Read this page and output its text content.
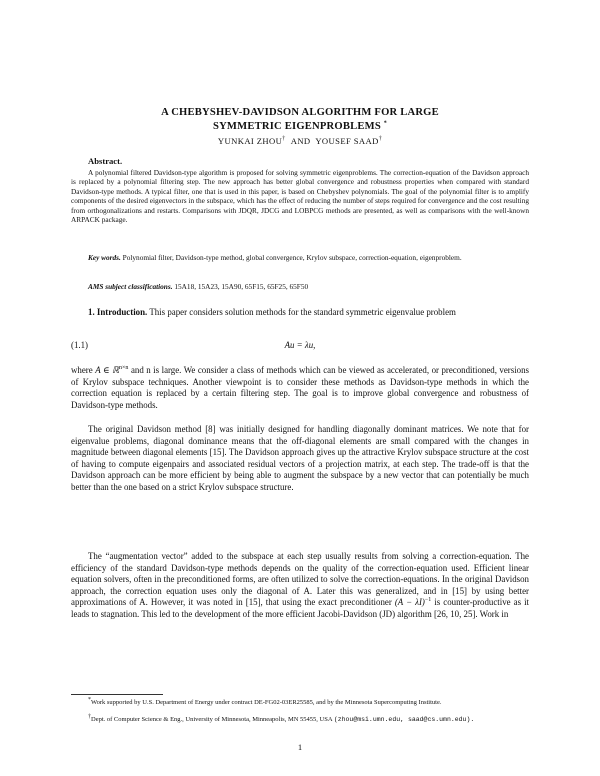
A CHEBYSHEV-DAVIDSON ALGORITHM FOR LARGE
SYMMETRIC EIGENPROBLEMS *
YUNKAI ZHOU† AND YOUSEF SAAD†
Abstract.
A polynomial filtered Davidson-type algorithm is proposed for solving symmetric eigenproblems. The correction-equation of the Davidson approach is replaced by a polynomial filtering step. The new approach has better global convergence and robustness properties when compared with standard Davidson-type methods. A typical filter, one that is used in this paper, is based on Chebyshev polynomials. The goal of the polynomial filter is to amplify components of the desired eigenvectors in the subspace, which has the effect of reducing the number of steps required for convergence and the cost resulting from orthogonalizations and restarts. Comparisons with JDQR, JDCG and LOBPCG methods are presented, as well as comparisons with the well-known ARPACK package.
Key words. Polynomial filter, Davidson-type method, global convergence, Krylov subspace, correction-equation, eigenproblem.
AMS subject classifications. 15A18, 15A23, 15A90, 65F15, 65F25, 65F50
1. Introduction. This paper considers solution methods for the standard symmetric eigenvalue problem
(1.1)	Au = λu,
where A ∈ ℝ$^{n\times n}$ and n is large. We consider a class of methods which can be viewed as accelerated, or preconditioned, versions of Krylov subspace techniques. Another viewpoint is to consider these methods as Davidson-type methods in which the correction equation is replaced by a certain filtering step. The goal is to improve global convergence and robustness of Davidson-type methods.
The original Davidson method [8] was initially designed for handling diagonally dominant matrices. We note that for eigenvalue problems, diagonal dominance means that the off-diagonal elements are small compared with the changes in magnitude between diagonal elements [15]. The Davidson approach gives up the attractive Krylov subspace structure at the cost of having to compute eigenpairs and associated residual vectors of a projection matrix, at each step. The trade-off is that the Davidson approach can be more efficient by being able to augment the subspace by a new vector that can potentially be much better than the one based on a strict Krylov subspace structure.
The “augmentation vector” added to the subspace at each step usually results from solving a correction-equation. The efficiency of the standard Davidson-type methods depends on the quality of the correction-equation used. Efficient linear equation solvers, often in the preconditioned forms, are often utilized to solve the correction-equations. In the original Davidson approach, the correction equation uses only the diagonal of A. Later this was generalized, and in [15] by using better approximations of A. However, it was noted in [15], that using the exact preconditioner $(A - \lambda I)^{-1}$ is counter-productive as it leads to stagnation. This led to the development of the more efficient Jacobi-Davidson (JD) algorithm [26, 10, 25]. Work in
*Work supported by U.S. Department of Energy under contract DE-FG02-03ER25585, and by the Minnesota Supercomputing Institute.
†Dept. of Computer Science & Eng., University of Minnesota, Minneapolis, MN 55455, USA (zhou@msi.umn.edu, saad@cs.umn.edu).
1
